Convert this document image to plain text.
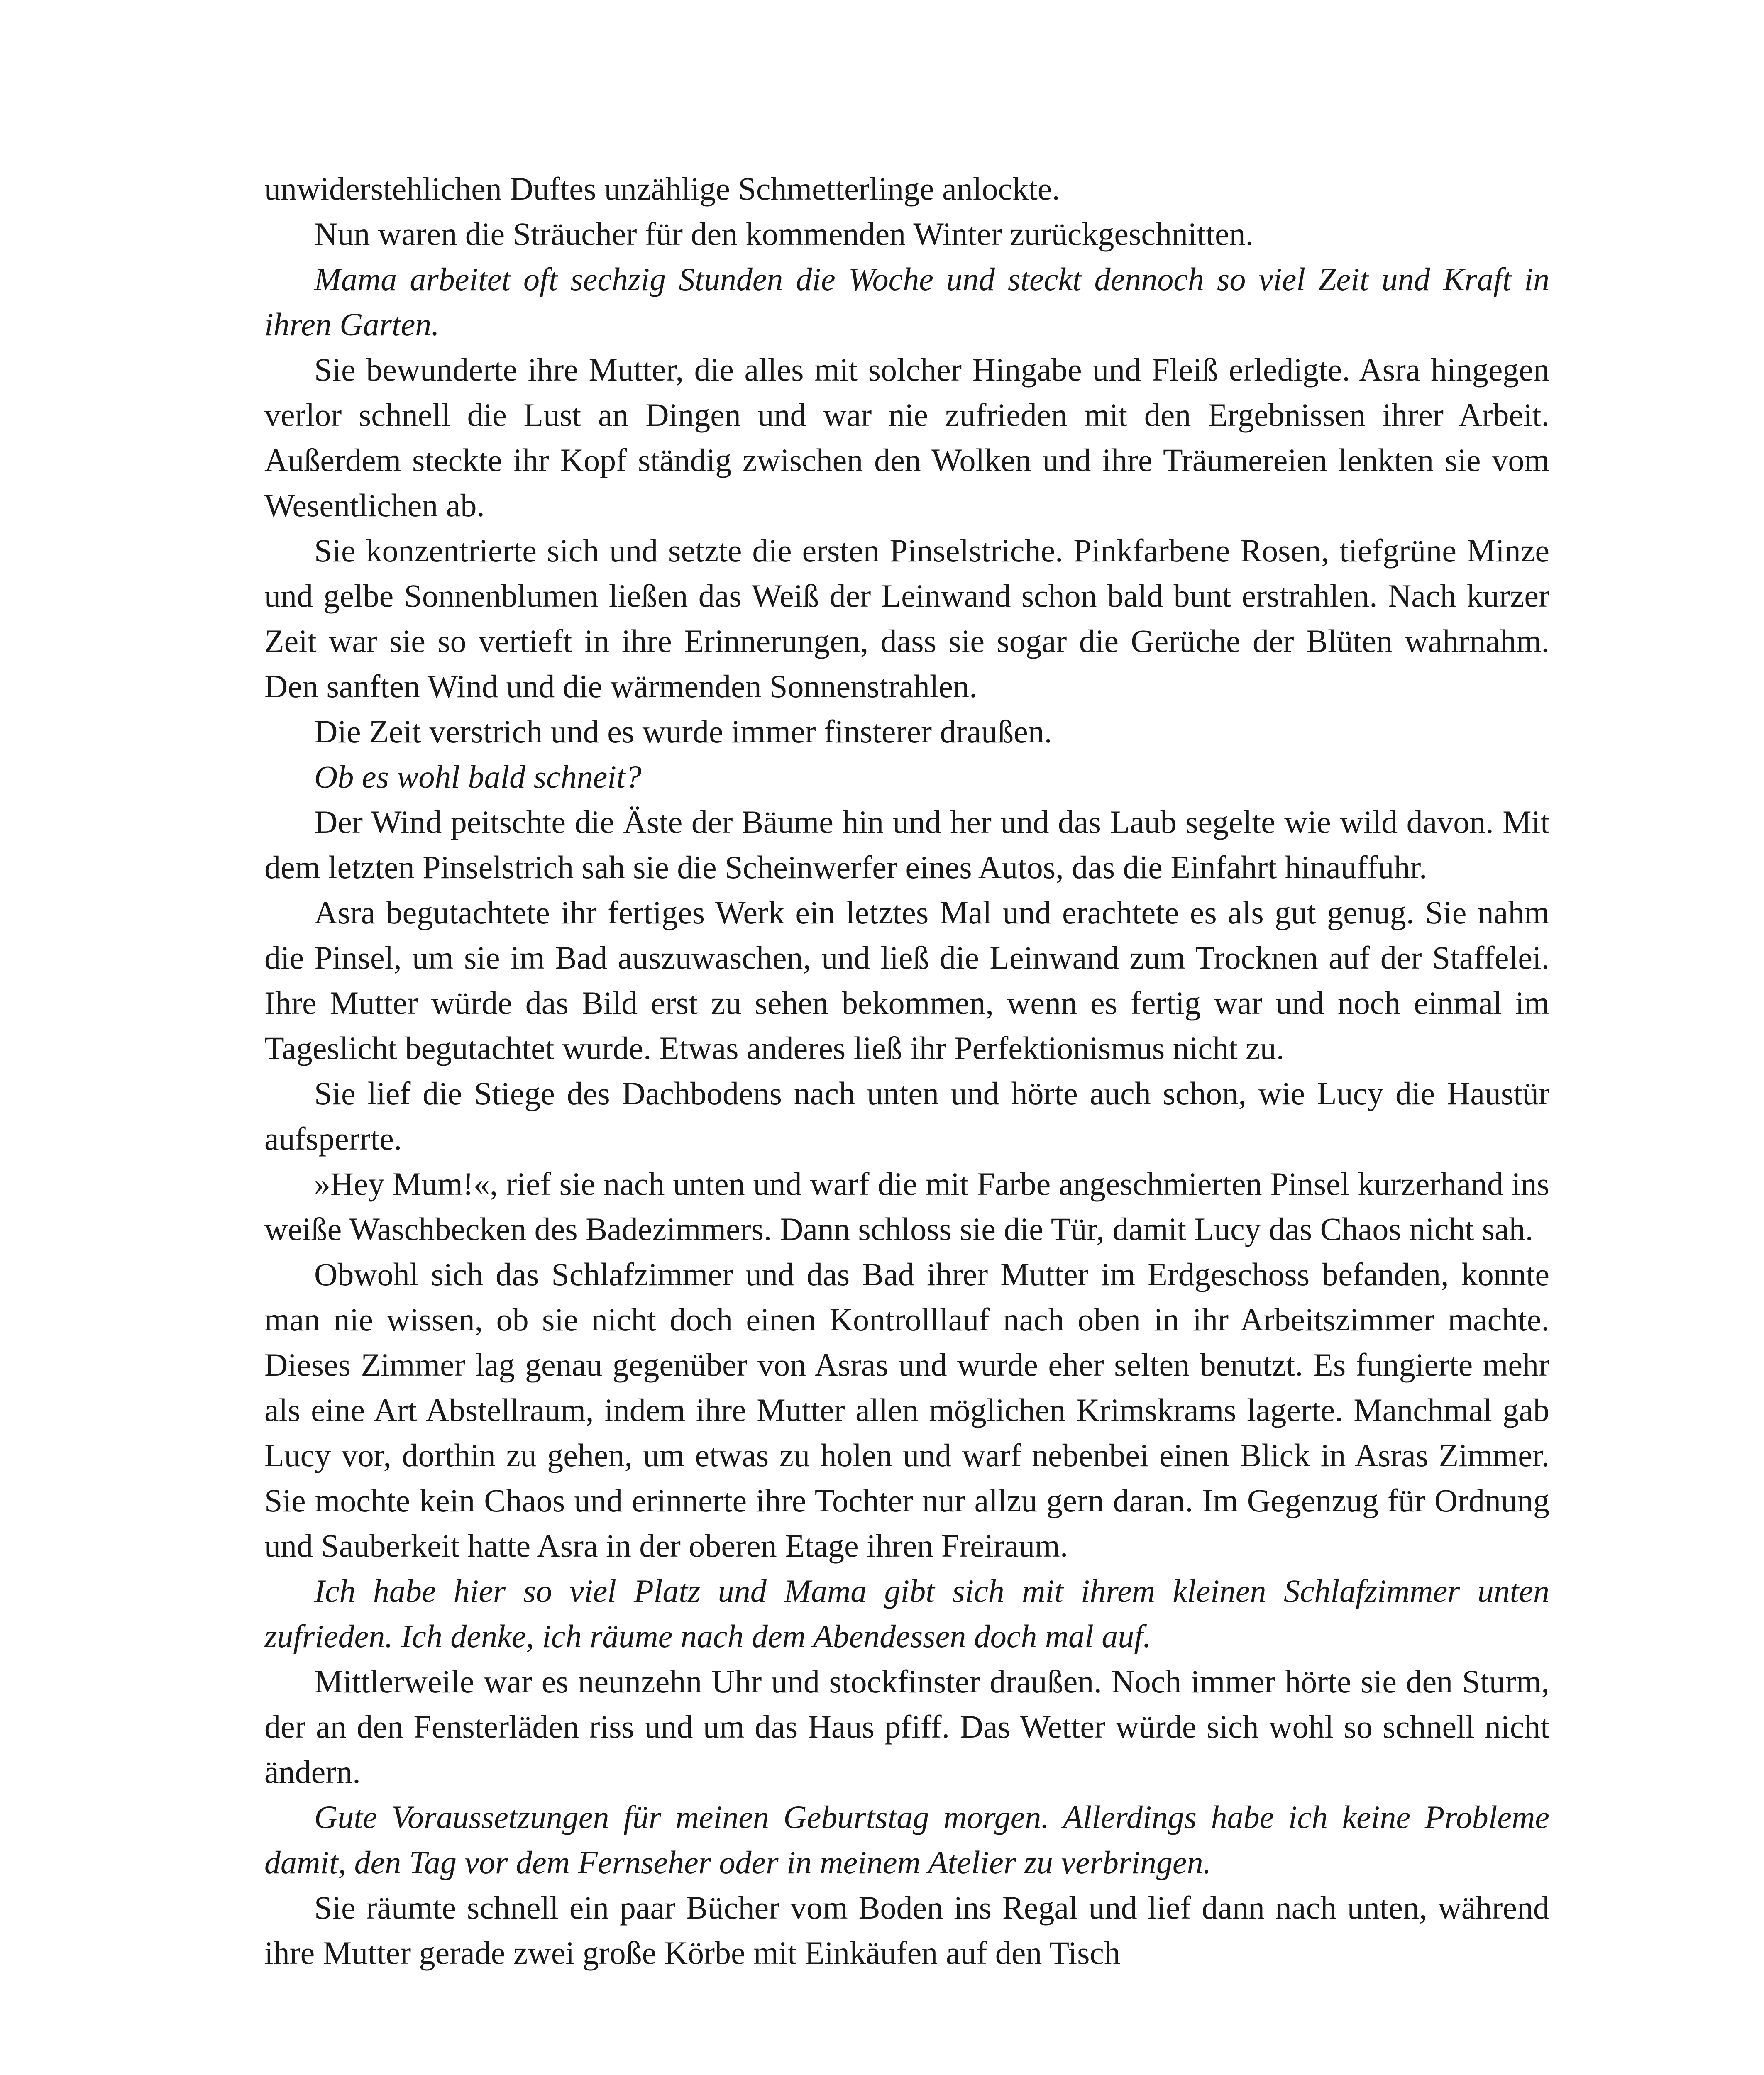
unwiderstehlichen Duftes unzählige Schmetterlinge anlockte.

Nun waren die Sträucher für den kommenden Winter zurückgeschnitten.

Mama arbeitet oft sechzig Stunden die Woche und steckt dennoch so viel Zeit und Kraft in ihren Garten.

Sie bewunderte ihre Mutter, die alles mit solcher Hingabe und Fleiß erledigte. Asra hingegen verlor schnell die Lust an Dingen und war nie zufrieden mit den Ergebnissen ihrer Arbeit. Außerdem steckte ihr Kopf ständig zwischen den Wolken und ihre Träumereien lenkten sie vom Wesentlichen ab.

Sie konzentrierte sich und setzte die ersten Pinselstriche. Pinkfarbene Rosen, tiefgrüne Minze und gelbe Sonnenblumen ließen das Weiß der Leinwand schon bald bunt erstrahlen. Nach kurzer Zeit war sie so vertieft in ihre Erinnerungen, dass sie sogar die Gerüche der Blüten wahrnahm. Den sanften Wind und die wärmenden Sonnenstrahlen.

Die Zeit verstrich und es wurde immer finsterer draußen.

Ob es wohl bald schneit?

Der Wind peitschte die Äste der Bäume hin und her und das Laub segelte wie wild davon. Mit dem letzten Pinselstrich sah sie die Scheinwerfer eines Autos, das die Einfahrt hinauffuhr.

Asra begutachtete ihr fertiges Werk ein letztes Mal und erachtete es als gut genug. Sie nahm die Pinsel, um sie im Bad auszuwaschen, und ließ die Leinwand zum Trocknen auf der Staffelei. Ihre Mutter würde das Bild erst zu sehen bekommen, wenn es fertig war und noch einmal im Tageslicht begutachtet wurde. Etwas anderes ließ ihr Perfektionismus nicht zu.

Sie lief die Stiege des Dachbodens nach unten und hörte auch schon, wie Lucy die Haustür aufsperrte.

»Hey Mum!«, rief sie nach unten und warf die mit Farbe angeschmierten Pinsel kurzerhand ins weiße Waschbecken des Badezimmers. Dann schloss sie die Tür, damit Lucy das Chaos nicht sah.

Obwohl sich das Schlafzimmer und das Bad ihrer Mutter im Erdgeschoss befanden, konnte man nie wissen, ob sie nicht doch einen Kontrolllauf nach oben in ihr Arbeitszimmer machte. Dieses Zimmer lag genau gegenüber von Asras und wurde eher selten benutzt. Es fungierte mehr als eine Art Abstellraum, indem ihre Mutter allen möglichen Krimskrams lagerte. Manchmal gab Lucy vor, dorthin zu gehen, um etwas zu holen und warf nebenbei einen Blick in Asras Zimmer. Sie mochte kein Chaos und erinnerte ihre Tochter nur allzu gern daran. Im Gegenzug für Ordnung und Sauberkeit hatte Asra in der oberen Etage ihren Freiraum.

Ich habe hier so viel Platz und Mama gibt sich mit ihrem kleinen Schlafzimmer unten zufrieden. Ich denke, ich räume nach dem Abendessen doch mal auf.

Mittlerweile war es neunzehn Uhr und stockfinster draußen. Noch immer hörte sie den Sturm, der an den Fensterläden riss und um das Haus pfiff. Das Wetter würde sich wohl so schnell nicht ändern.

Gute Voraussetzungen für meinen Geburtstag morgen. Allerdings habe ich keine Probleme damit, den Tag vor dem Fernseher oder in meinem Atelier zu verbringen.

Sie räumte schnell ein paar Bücher vom Boden ins Regal und lief dann nach unten, während ihre Mutter gerade zwei große Körbe mit Einkäufen auf den Tisch
